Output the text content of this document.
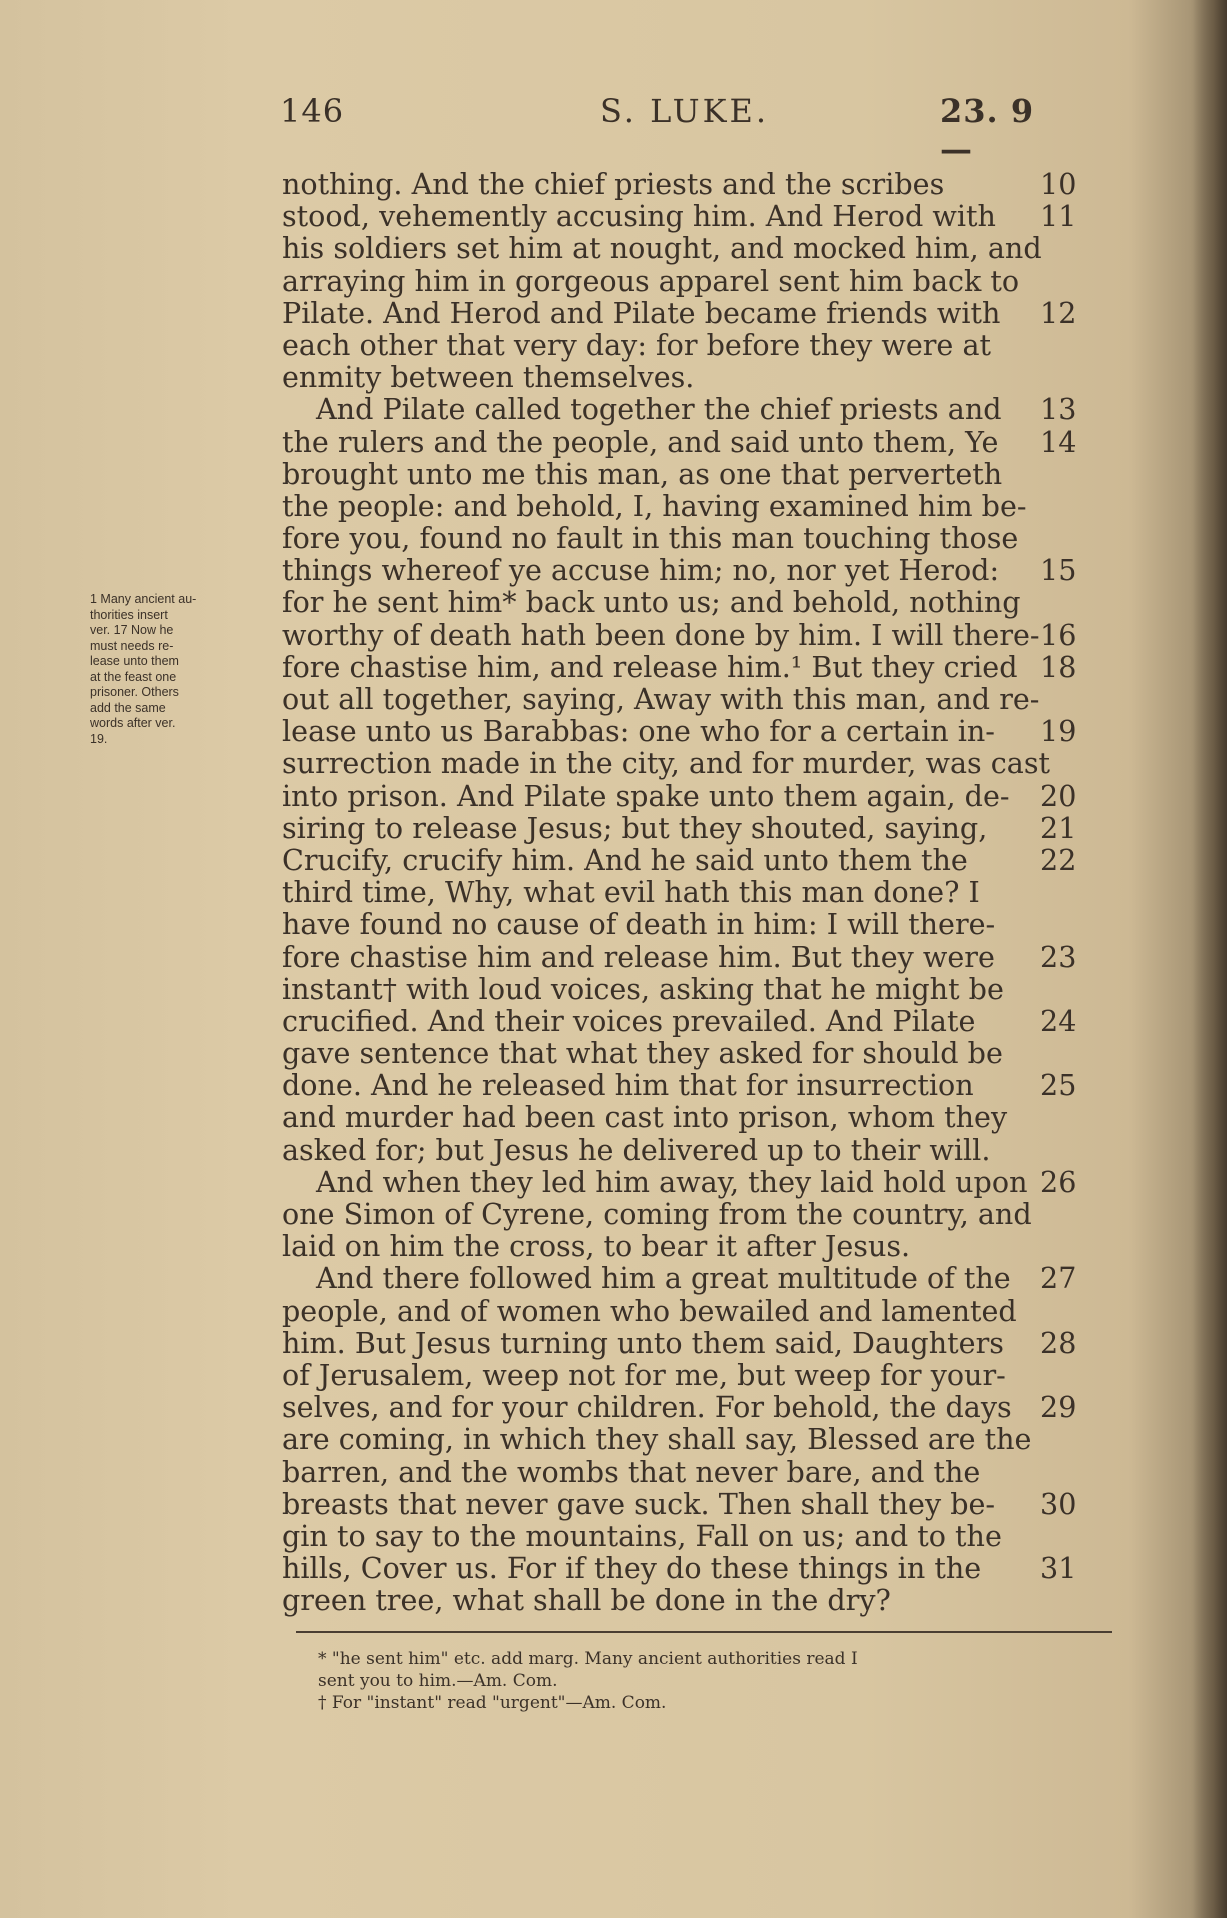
146	S. LUKE.	23. 9—
1 Many ancient au-
thorities insert
ver. 17 Now he
must needs re-
lease unto them
at the feast one
prisoner. Others
add the same
words after ver.
19.
nothing. And the chief priests and the scribes	10
stood, vehemently accusing him. And Herod with 11
his soldiers set him at nought, and mocked him, and
arraying him in gorgeous apparel sent him back to
Pilate. And Herod and Pilate became friends with 12
each other that very day: for before they were at
enmity between themselves.
And Pilate called together the chief priests and 13
the rulers and the people, and said unto them, Ye 14
brought unto me this man, as one that perverteth
the people: and behold, I, having examined him be-
fore you, found no fault in this man touching those
things whereof ye accuse him; no, nor yet Herod: 15
for he sent him* back unto us; and behold, nothing
worthy of death hath been done by him. I will there- 16
fore chastise him, and release him.¹ But they cried 18
out all together, saying, Away with this man, and re-
lease unto us Barabbas: one who for a certain in- 19
surrection made in the city, and for murder, was cast
into prison. And Pilate spake unto them again, de- 20
siring to release Jesus; but they shouted, saying, 21
Crucify, crucify him. And he said unto them the	22
third time, Why, what evil hath this man done? I
have found no cause of death in him: I will there-
fore chastise him and release him. But they were 23
instant† with loud voices, asking that he might be
crucified. And their voices prevailed. And Pilate 24
gave sentence that what they asked for should be
done. And he released him that for insurrection 25
and murder had been cast into prison, whom they
asked for; but Jesus he delivered up to their will.
And when they led him away, they laid hold upon 26
one Simon of Cyrene, coming from the country, and
laid on him the cross, to bear it after Jesus.
And there followed him a great multitude of the 27
people, and of women who bewailed and lamented
him. But Jesus turning unto them said, Daughters 28
of Jerusalem, weep not for me, but weep for your-
selves, and for your children. For behold, the days 29
are coming, in which they shall say, Blessed are the
barren, and the wombs that never bare, and the
breasts that never gave suck. Then shall they be- 30
gin to say to the mountains, Fall on us; and to the
hills, Cover us. For if they do these things in the 31
green tree, what shall be done in the dry?
* "he sent him" etc. add marg. Many ancient authorities read I
sent you to him.—Am. Com.
† For "instant" read "urgent"—Am. Com.
